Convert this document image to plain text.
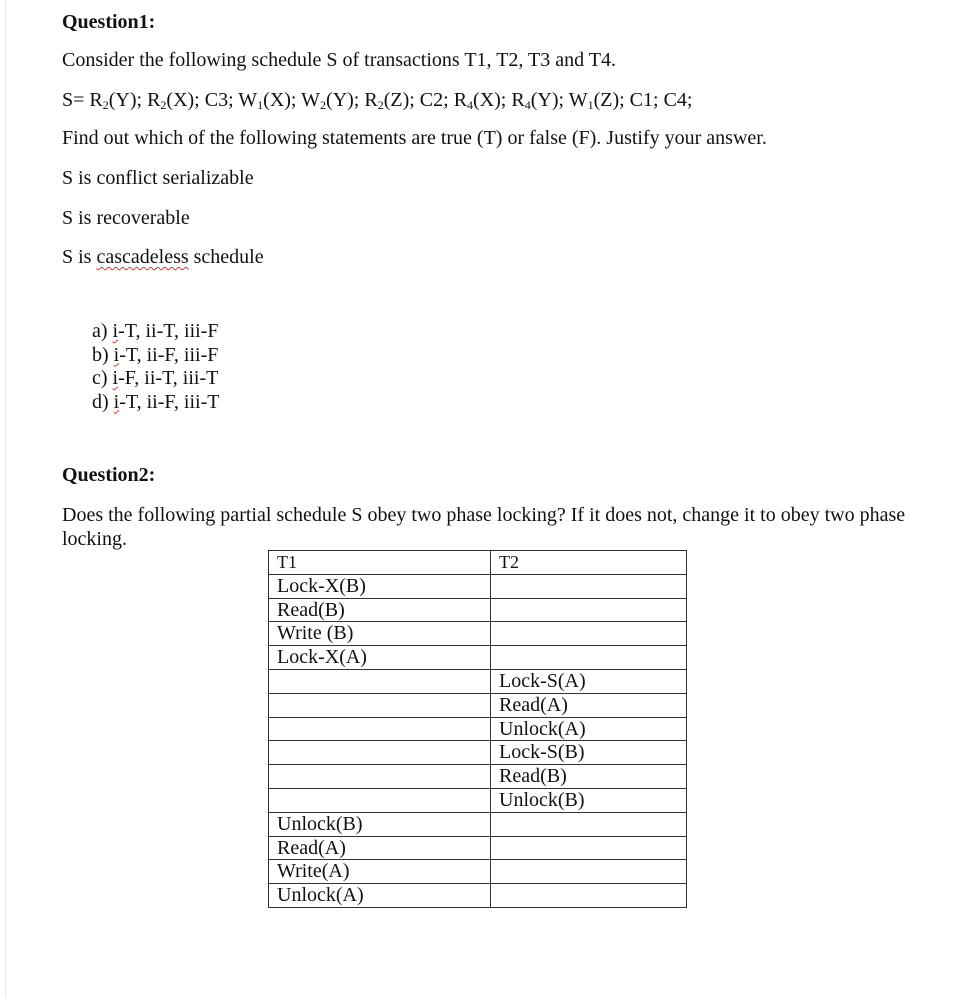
Question1:
Consider the following schedule S of transactions T1, T2, T3 and T4.
$S= R_2(Y)$; $R_2(X)$; C3; $W_1(X)$; $W_2(Y)$; $R_2(Z)$; C2; $R_4(X)$; $R_4(Y)$; $W_1(Z)$; C1; C4;
Find out which of the following statements are true (T) or false (F). Justify your answer.
S is conflict serializable
S is recoverable
S is cascadeless schedule
a) i-T, ii-T, iii-F
b) i-T, ii-F, iii-F
c) i-F, ii-T, iii-T
d) i-T, ii-F, iii-T
Question2:
Does the following partial schedule S obey two phase locking? If it does not, change it to obey two phase locking.
T1	T2
Lock-X(B)	
Read(B)	
Write (B)	
Lock-X(A)	
	Lock-S(A)
	Read(A)
	Unlock(A)
	Lock-S(B)
	Read(B)
	Unlock(B)
Unlock(B)	
Read(A)	
Write(A)	
Unlock(A)	
